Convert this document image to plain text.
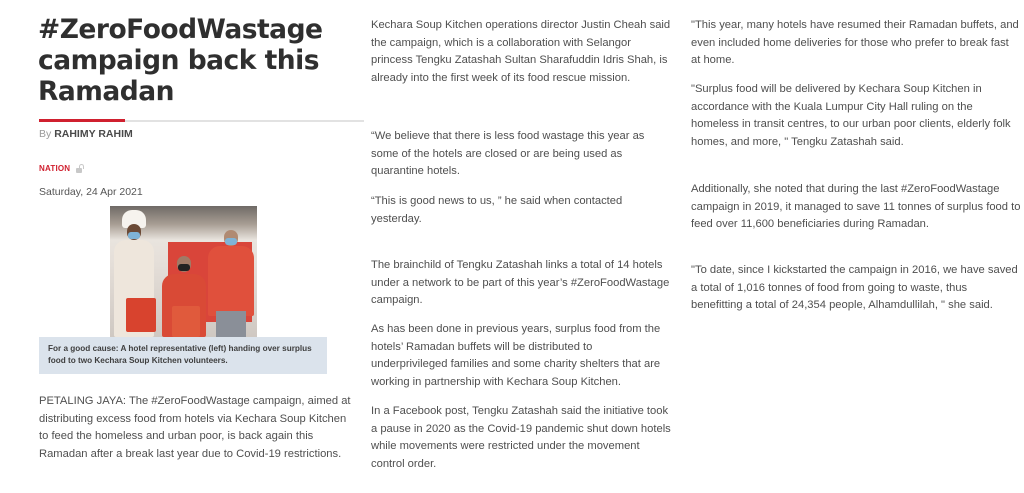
#ZeroFoodWastage campaign back this Ramadan
By RAHIMY RAHIM
NATION
Saturday, 24 Apr 2021
For a good cause: A hotel representative (left) handing over surplus food to two Kechara Soup Kitchen volunteers.

PETALING JAYA: The #ZeroFoodWastage campaign, aimed at distributing excess food from hotels via Kechara Soup Kitchen to feed the homeless and urban poor, is back again this Ramadan after a break last year due to Covid-19 restrictions.

Kechara Soup Kitchen operations director Justin Cheah said the campaign, which is a collaboration with Selangor princess Tengku Zatashah Sultan Sharafuddin Idris Shah, is already into the first week of its food rescue mission.

“We believe that there is less food wastage this year as some of the hotels are closed or are being used as quarantine hotels.

“This is good news to us, ” he said when contacted yesterday.

The brainchild of Tengku Zatashah links a total of 14 hotels under a network to be part of this year’s #ZeroFoodWastage campaign.

As has been done in previous years, surplus food from the hotels’ Ramadan buffets will be distributed to underprivileged families and some charity shelters that are working in partnership with Kechara Soup Kitchen.

In a Facebook post, Tengku Zatashah said the initiative took a pause in 2020 as the Covid-19 pandemic shut down hotels while movements were restricted under the movement control order.

"This year, many hotels have resumed their Ramadan buffets, and even included home deliveries for those who prefer to break fast at home.

"Surplus food will be delivered by Kechara Soup Kitchen in accordance with the Kuala Lumpur City Hall ruling on the homeless in transit centres, to our urban poor clients, elderly folk homes, and more, " Tengku Zatashah said.

Additionally, she noted that during the last #ZeroFoodWastage campaign in 2019, it managed to save 11 tonnes of surplus food to feed over 11,600 beneficiaries during Ramadan.

"To date, since I kickstarted the campaign in 2016, we have saved a total of 1,016 tonnes of food from going to waste, thus benefitting a total of 24,354 people, Alhamdullilah, " she said.
